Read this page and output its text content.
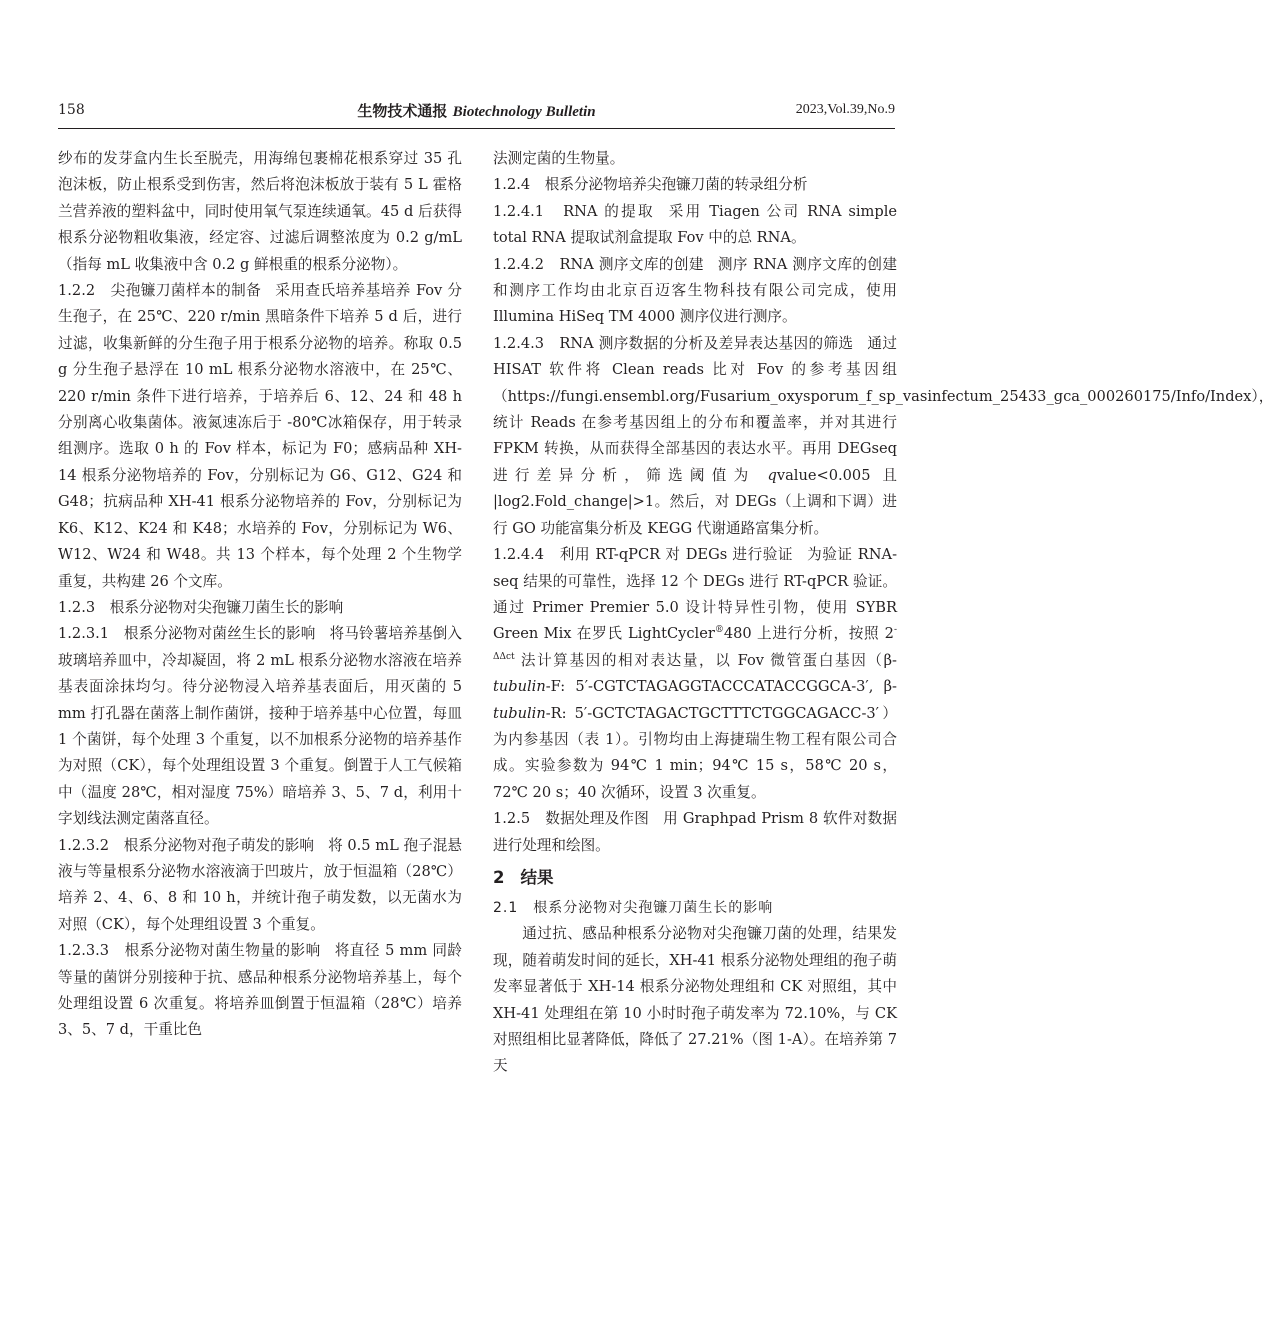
158	生物技术通报 Biotechnology Bulletin	2023,Vol.39,No.9

纱布的发芽盒内生长至脱壳，用海绵包裹棉花根系穿过 35 孔泡沫板，防止根系受到伤害，然后将泡沫板放于装有 5 L 霍格兰营养液的塑料盆中，同时使用氧气泵连续通氧。45 d 后获得根系分泌物粗收集液，经定容、过滤后调整浓度为 0.2 g/mL（指每 mL 收集液中含 0.2 g 鲜根重的根系分泌物）。

1.2.2　尖孢镰刀菌样本的制备 采用查氏培养基培养 Fov 分生孢子，在 25℃、220 r/min 黑暗条件下培养 5 d 后，进行过滤，收集新鲜的分生孢子用于根系分泌物的培养。称取 0.5 g 分生孢子悬浮在 10 mL 根系分泌物水溶液中，在 25℃、220 r/min 条件下进行培养，于培养后 6、12、24 和 48 h 分别离心收集菌体。液氮速冻后于 -80℃冰箱保存，用于转录组测序。选取 0 h 的 Fov 样本，标记为 F0；感病品种 XH-14 根系分泌物培养的 Fov，分别标记为 G6、G12、G24 和 G48；抗病品种 XH-41 根系分泌物培养的 Fov，分别标记为 K6、K12、K24 和 K48；水培养的 Fov，分别标记为 W6、W12、W24 和 W48。共 13 个样本，每个处理 2 个生物学重复，共构建 26 个文库。

1.2.3　根系分泌物对尖孢镰刀菌生长的影响

1.2.3.1　根系分泌物对菌丝生长的影响 将马铃薯培养基倒入玻璃培养皿中，冷却凝固，将 2 mL 根系分泌物水溶液在培养基表面涂抹均匀。待分泌物浸入培养基表面后，用灭菌的 5 mm 打孔器在菌落上制作菌饼，接种于培养基中心位置，每皿 1 个菌饼，每个处理 3 个重复，以不加根系分泌物的培养基作为对照（CK），每个处理组设置 3 个重复。倒置于人工气候箱中（温度 28℃，相对湿度 75%）暗培养 3、5、7 d，利用十字划线法测定菌落直径。

1.2.3.2　根系分泌物对孢子萌发的影响 将 0.5 mL 孢子混悬液与等量根系分泌物水溶液滴于凹玻片，放于恒温箱（28℃）培养 2、4、6、8 和 10 h，并统计孢子萌发数，以无菌水为对照（CK），每个处理组设置 3 个重复。

1.2.3.3　根系分泌物对菌生物量的影响 将直径 5 mm 同龄等量的菌饼分别接种于抗、感品种根系分泌物培养基上，每个处理组设置 6 次重复。将培养皿倒置于恒温箱（28℃）培养 3、5、7 d，干重比色

法测定菌的生物量。

1.2.4　根系分泌物培养尖孢镰刀菌的转录组分析

1.2.4.1　RNA 的提取 采用 Tiagen 公司 RNA simple total RNA 提取试剂盒提取 Fov 中的总 RNA。

1.2.4.2　RNA 测序文库的创建 测序 RNA 测序文库的创建和测序工作均由北京百迈客生物科技有限公司完成，使用 Illumina HiSeq TM 4000 测序仪进行测序。

1.2.4.3　RNA 测序数据的分析及差异表达基因的筛选 通过 HISAT 软件将 Clean reads 比对 Fov 的参考基因组（https://fungi.ensembl.org/Fusarium_oxysporum_f_sp_vasinfectum_25433_gca_000260175/Info/Index），统计 Reads 在参考基因组上的分布和覆盖率，并对其进行 FPKM 转换，从而获得全部基因的表达水平。再用 DEGseq 进行差异分析，筛选阈值为 qvalue<0.005 且 |log2.Fold_change|>1。然后，对 DEGs（上调和下调）进行 GO 功能富集分析及 KEGG 代谢通路富集分析。

1.2.4.4　利用 RT-qPCR 对 DEGs 进行验证 为验证 RNA-seq 结果的可靠性，选择 12 个 DEGs 进行 RT-qPCR 验证。通过 Primer Premier 5.0 设计特异性引物，使用 SYBR Green Mix 在罗氏 LightCycler®480 上进行分析，按照 $2^{-\Delta\Delta ct}$ 法计算基因的相对表达量，以 Fov 微管蛋白基因（β-tubulin-F: 5′-CGTCTAGAGGTACCCATACCGGCA-3′, β-tubulin-R: 5′-GCTCTAGACTGCTTTCTGGCAGACC-3′）为内参基因（表 1）。引物均由上海捷瑞生物工程有限公司合成。实验参数为 94℃ 1 min；94℃ 15 s，58℃ 20 s，72℃ 20 s；40 次循环，设置 3 次重复。

1.2.5　数据处理及作图 用 Graphpad Prism 8 软件对数据进行处理和绘图。

2 结果

2.1　根系分泌物对尖孢镰刀菌生长的影响

通过抗、感品种根系分泌物对尖孢镰刀菌的处理，结果发现，随着萌发时间的延长，XH-41 根系分泌物处理组的孢子萌发率显著低于 XH-14 根系分泌物处理组和 CK 对照组，其中 XH-41 处理组在第 10 小时时孢子萌发率为 72.10%，与 CK 对照组相比显著降低，降低了 27.21%（图 1-A）。在培养第 7 天
